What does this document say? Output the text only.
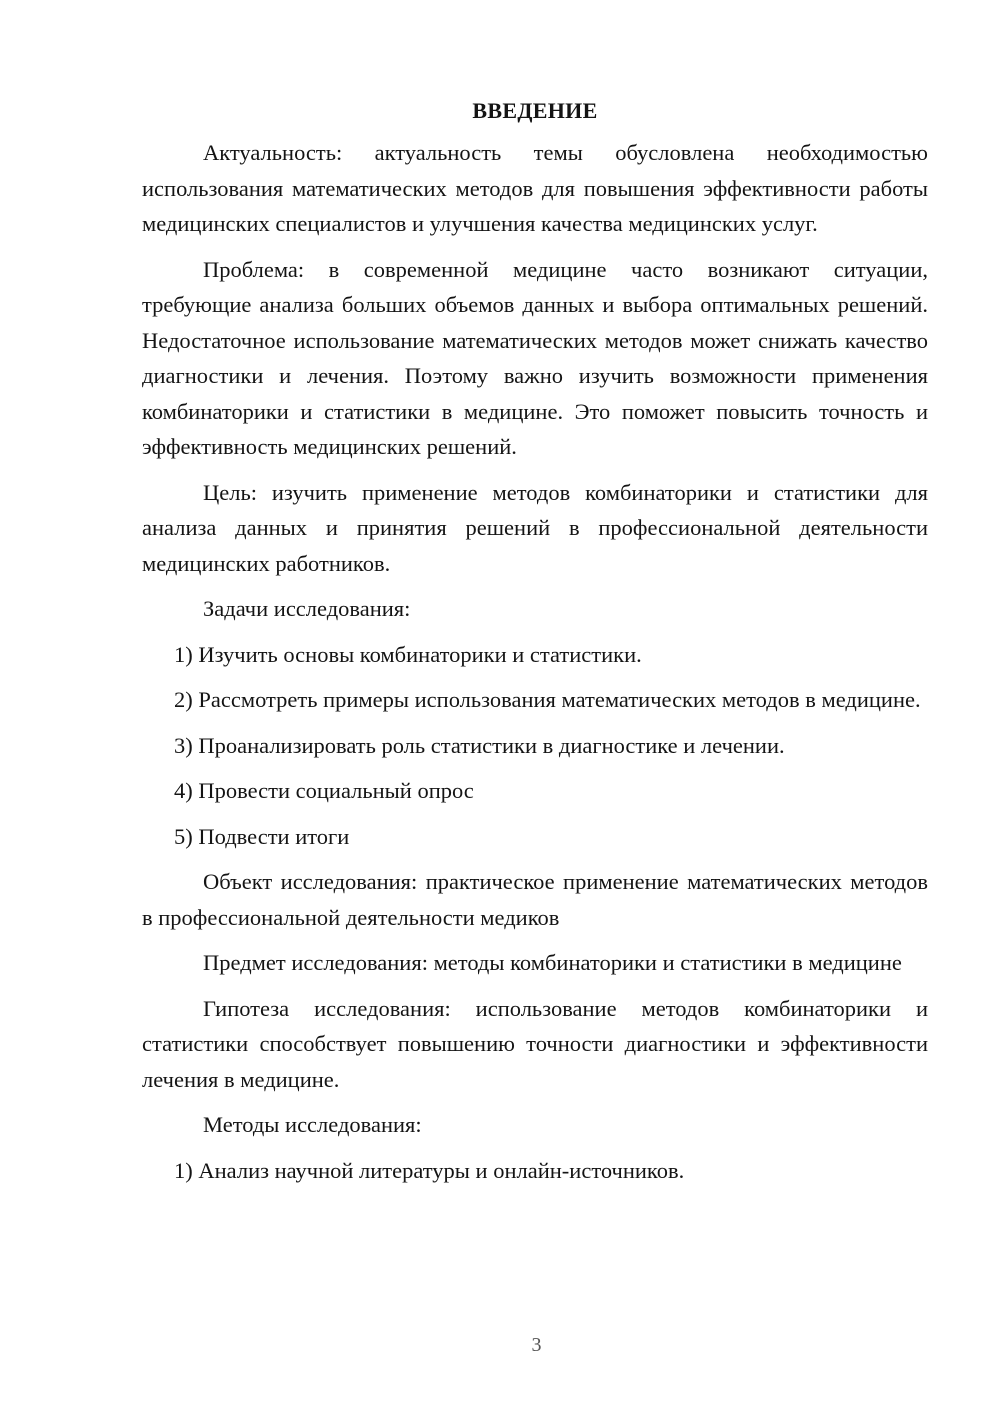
ВВЕДЕНИЕ

Актуальность: актуальность темы обусловлена необходимостью использования математических методов для повышения эффективности работы медицинских специалистов и улучшения качества медицинских услуг.

Проблема: в современной медицине часто возникают ситуации, требующие анализа больших объемов данных и выбора оптимальных решений. Недостаточное использование математических методов может снижать качество диагностики и лечения. Поэтому важно изучить возможности применения комбинаторики и статистики в медицине. Это поможет повысить точность и эффективность медицинских решений.

Цель: изучить применение методов комбинаторики и статистики для анализа данных и принятия решений в профессиональной деятельности медицинских работников.

Задачи исследования:

1) Изучить основы комбинаторики и статистики.

2) Рассмотреть примеры использования математических методов в медицине.

3) Проанализировать роль статистики в диагностике и лечении.

4) Провести социальный опрос

5) Подвести итоги

Объект исследования: практическое применение математических методов в профессиональной деятельности медиков

Предмет исследования: методы комбинаторики и статистики в медицине

Гипотеза исследования: использование методов комбинаторики и статистики способствует повышению точности диагностики и эффективности лечения в медицине.

Методы исследования:

1) Анализ научной литературы и онлайн-источников.

3
